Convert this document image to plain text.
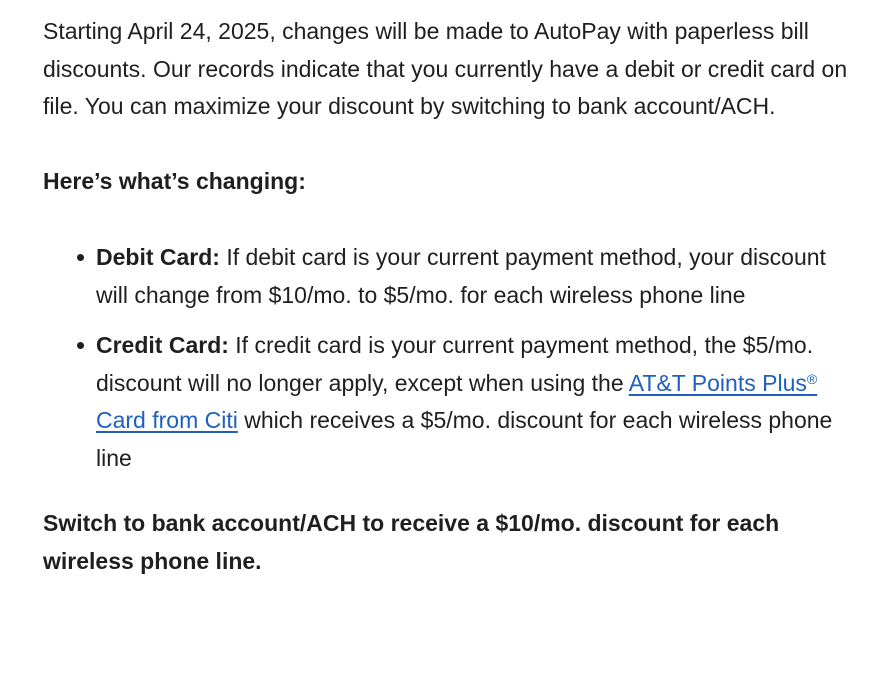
Starting April 24, 2025, changes will be made to AutoPay with paperless bill discounts. Our records indicate that you currently have a debit or credit card on file. You can maximize your discount by switching to bank account/ACH.

Here’s what’s changing:

Debit Card: If debit card is your current payment method, your discount will change from $10/mo. to $5/mo. for each wireless phone line
Credit Card: If credit card is your current payment method, the $5/mo. discount will no longer apply, except when using the AT&T Points Plus® Card from Citi which receives a $5/mo. discount for each wireless phone line

Switch to bank account/ACH to receive a $10/mo. discount for each wireless phone line.
